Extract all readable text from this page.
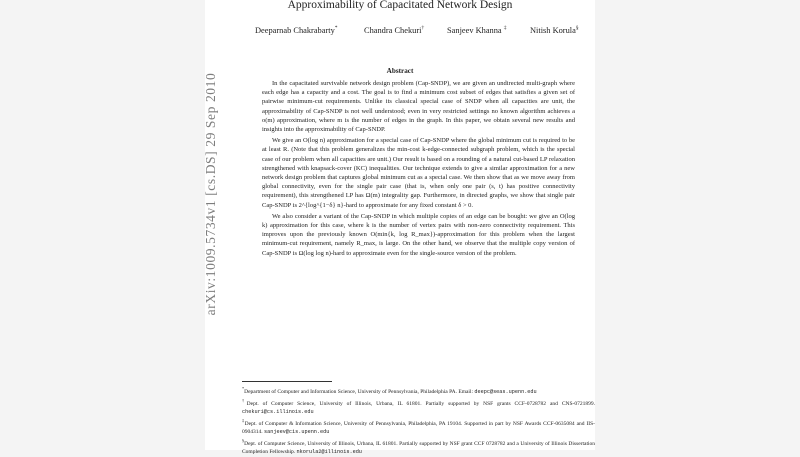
arXiv:1009.5734v1 [cs.DS] 29 Sep 2010
Approximability of Capacitated Network Design
Deeparnab Chakrabarty*	Chandra Chekuri†	Sanjeev Khanna ‡	Nitish Korula§
Abstract

In the capacitated survivable network design problem (Cap-SNDP), we are given an undirected multi-graph where each edge has a capacity and a cost. The goal is to find a minimum cost subset of edges that satisfies a given set of pairwise minimum-cut requirements. Unlike its classical special case of SNDP when all capacities are unit, the approximability of Cap-SNDP is not well understood; even in very restricted settings no known algorithm achieves a o(m) approximation, where m is the number of edges in the graph. In this paper, we obtain several new results and insights into the approximability of Cap-SNDP.

We give an O(log n) approximation for a special case of Cap-SNDP where the global minimum cut is required to be at least R. (Note that this problem generalizes the min-cost k-edge-connected subgraph problem, which is the special case of our problem when all capacities are unit.) Our result is based on a rounding of a natural cut-based LP relaxation strengthened with knapsack-cover (KC) inequalities. Our technique extends to give a similar approximation for a new network design problem that captures global minimum cut as a special case. We then show that as we move away from global connectivity, even for the single pair case (that is, when only one pair (s, t) has positive connectivity requirement), this strengthened LP has Ω(m) integrality gap. Furthermore, in directed graphs, we show that single pair Cap-SNDP is 2^{log^{1−δ} n}-hard to approximate for any fixed constant δ > 0.

We also consider a variant of the Cap-SNDP in which multiple copies of an edge can be bought: we give an O(log k) approximation for this case, where k is the number of vertex pairs with non-zero connectivity requirement. This improves upon the previously known O(min{k, log R_max})-approximation for this problem when the largest minimum-cut requirement, namely R_max, is large. On the other hand, we observe that the multiple copy version of Cap-SNDP is Ω(log log n)-hard to approximate even for the single-source version of the problem.

*Department of Computer and Information Science, University of Pennsylvania, Philadelphia PA. Email: deepc@seas.upenn.edu
†Dept. of Computer Science, University of Illinois, Urbana, IL 61801. Partially supported by NSF grants CCF-0728782 and CNS-0721899. chekuri@cs.illinois.edu
‡Dept. of Computer & Information Science, University of Pennsylvania, Philadelphia, PA 19104. Supported in part by NSF Awards CCF-0635084 and IIS-0904314. sanjeev@cis.upenn.edu
§Dept. of Computer Science, University of Illinois, Urbana, IL 61801. Partially supported by NSF grant CCF 0728782 and a University of Illinois Dissertation Completion Fellowship. nkorula2@illinois.edu
